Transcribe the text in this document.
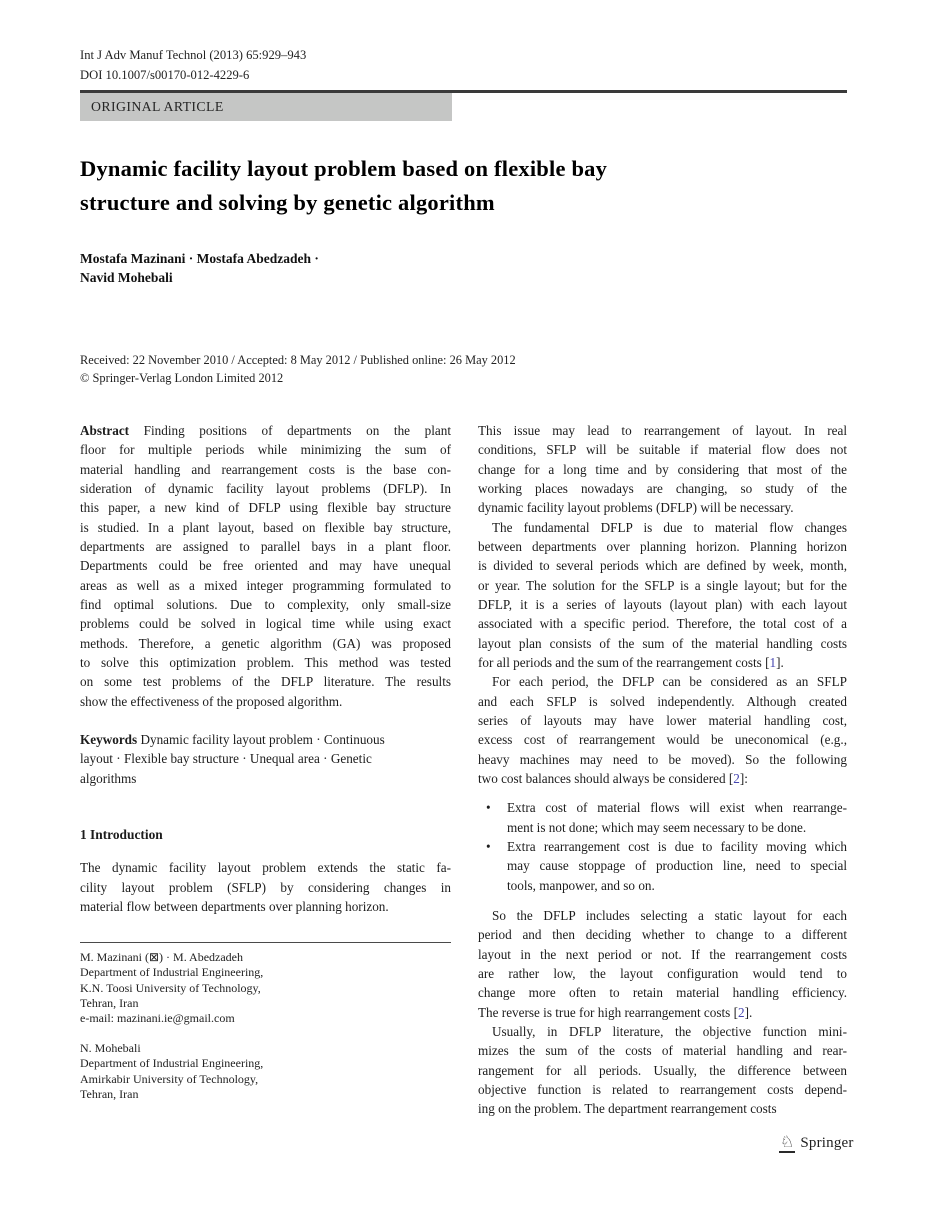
Int J Adv Manuf Technol (2013) 65:929–943
DOI 10.1007/s00170-012-4229-6
ORIGINAL ARTICLE
Dynamic facility layout problem based on flexible bay
structure and solving by genetic algorithm
Mostafa Mazinani · Mostafa Abedzadeh ·
Navid Mohebali
Received: 22 November 2010 / Accepted: 8 May 2012 / Published online: 26 May 2012
© Springer-Verlag London Limited 2012
Abstract Finding positions of departments on the plant
floor for multiple periods while minimizing the sum of
material handling and rearrangement costs is the base con-
sideration of dynamic facility layout problems (DFLP). In
this paper, a new kind of DFLP using flexible bay structure
is studied. In a plant layout, based on flexible bay structure,
departments are assigned to parallel bays in a plant floor.
Departments could be free oriented and may have unequal
areas as well as a mixed integer programming formulated to
find optimal solutions. Due to complexity, only small-size
problems could be solved in logical time while using exact
methods. Therefore, a genetic algorithm (GA) was proposed
to solve this optimization problem. This method was tested
on some test problems of the DFLP literature. The results
show the effectiveness of the proposed algorithm.
Keywords Dynamic facility layout problem · Continuous
layout · Flexible bay structure · Unequal area · Genetic
algorithms
1 Introduction
The dynamic facility layout problem extends the static fa-
cility layout problem (SFLP) by considering changes in
material flow between departments over planning horizon.
M. Mazinani (⊠) · M. Abedzadeh
Department of Industrial Engineering,
K.N. Toosi University of Technology,
Tehran, Iran
e-mail: mazinani.ie@gmail.com
N. Mohebali
Department of Industrial Engineering,
Amirkabir University of Technology,
Tehran, Iran
This issue may lead to rearrangement of layout. In real
conditions, SFLP will be suitable if material flow does not
change for a long time and by considering that most of the
working places nowadays are changing, so study of the
dynamic facility layout problems (DFLP) will be necessary.
The fundamental DFLP is due to material flow changes
between departments over planning horizon. Planning horizon
is divided to several periods which are defined by week, month,
or year. The solution for the SFLP is a single layout; but for the
DFLP, it is a series of layouts (layout plan) with each layout
associated with a specific period. Therefore, the total cost of a
layout plan consists of the sum of the material handling costs
for all periods and the sum of the rearrangement costs [1].
For each period, the DFLP can be considered as an SFLP
and each SFLP is solved independently. Although created
series of layouts may have lower material handling cost,
excess cost of rearrangement would be uneconomical (e.g.,
heavy machines may need to be moved). So the following
two cost balances should always be considered [2]:
•	Extra cost of material flows will exist when rearrange-
ment is not done; which may seem necessary to be done.
•	Extra rearrangement cost is due to facility moving which
may cause stoppage of production line, need to special
tools, manpower, and so on.
So the DFLP includes selecting a static layout for each
period and then deciding whether to change to a different
layout in the next period or not. If the rearrangement costs
are rather low, the layout configuration would tend to
change more often to retain material handling efficiency.
The reverse is true for high rearrangement costs [2].
Usually, in DFLP literature, the objective function mini-
mizes the sum of the costs of material handling and rear-
rangement for all periods. Usually, the difference between
objective function is related to rearrangement costs depend-
ing on the problem. The department rearrangement costs
♘ Springer
